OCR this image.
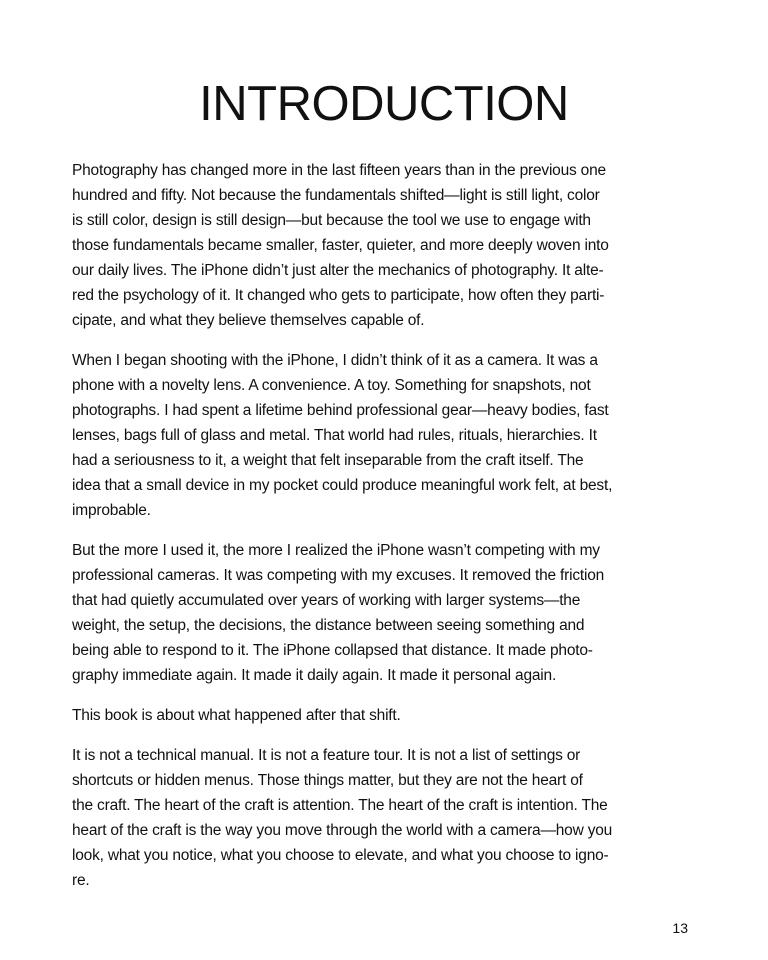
INTRODUCTION

Photography has changed more in the last fifteen years than in the previous one
hundred and fifty. Not because the fundamentals shifted—light is still light, color
is still color, design is still design—but because the tool we use to engage with
those fundamentals became smaller, faster, quieter, and more deeply woven into
our daily lives. The iPhone didn’t just alter the mechanics of photography. It alte-
red the psychology of it. It changed who gets to participate, how often they parti-
cipate, and what they believe themselves capable of.

When I began shooting with the iPhone, I didn’t think of it as a camera. It was a
phone with a novelty lens. A convenience. A toy. Something for snapshots, not
photographs. I had spent a lifetime behind professional gear—heavy bodies, fast
lenses, bags full of glass and metal. That world had rules, rituals, hierarchies. It
had a seriousness to it, a weight that felt inseparable from the craft itself. The
idea that a small device in my pocket could produce meaningful work felt, at best,
improbable.

But the more I used it, the more I realized the iPhone wasn’t competing with my
professional cameras. It was competing with my excuses. It removed the friction
that had quietly accumulated over years of working with larger systems—the
weight, the setup, the decisions, the distance between seeing something and
being able to respond to it. The iPhone collapsed that distance. It made photo-
graphy immediate again. It made it daily again. It made it personal again.

This book is about what happened after that shift.

It is not a technical manual. It is not a feature tour. It is not a list of settings or
shortcuts or hidden menus. Those things matter, but they are not the heart of
the craft. The heart of the craft is attention. The heart of the craft is intention. The
heart of the craft is the way you move through the world with a camera—how you
look, what you notice, what you choose to elevate, and what you choose to igno-
re.

13
